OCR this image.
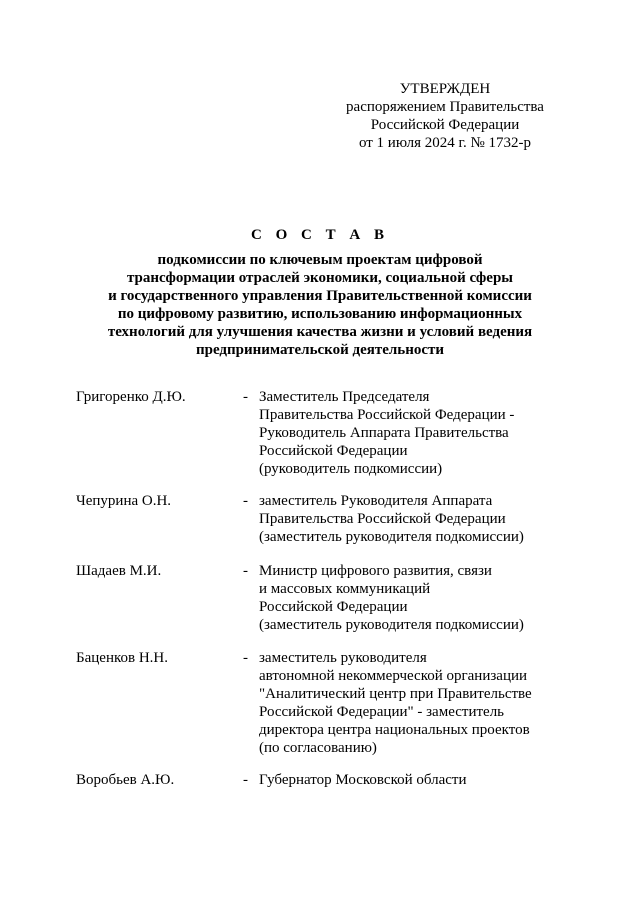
УТВЕРЖДЕН
распоряжением Правительства
Российской Федерации
от 1 июля 2024 г. № 1732-р
С О С Т А В
подкомиссии по ключевым проектам цифровой
трансформации отраслей экономики, социальной сферы
и государственного управления Правительственной комиссии
по цифровому развитию, использованию информационных
технологий для улучшения качества жизни и условий ведения
предпринимательской деятельности
Григоренко Д.Ю.	- Заместитель Председателя
Правительства Российской Федерации -
Руководитель Аппарата Правительства
Российской Федерации
(руководитель подкомиссии)
Чепурина О.Н.	- заместитель Руководителя Аппарата
Правительства Российской Федерации
(заместитель руководителя подкомиссии)
Шадаев М.И.	- Министр цифрового развития, связи
и массовых коммуникаций
Российской Федерации
(заместитель руководителя подкомиссии)
Баценков Н.Н.	- заместитель руководителя
автономной некоммерческой организации
"Аналитический центр при Правительстве
Российской Федерации" - заместитель
директора центра национальных проектов
(по согласованию)
Воробьев А.Ю.	- Губернатор Московской области
